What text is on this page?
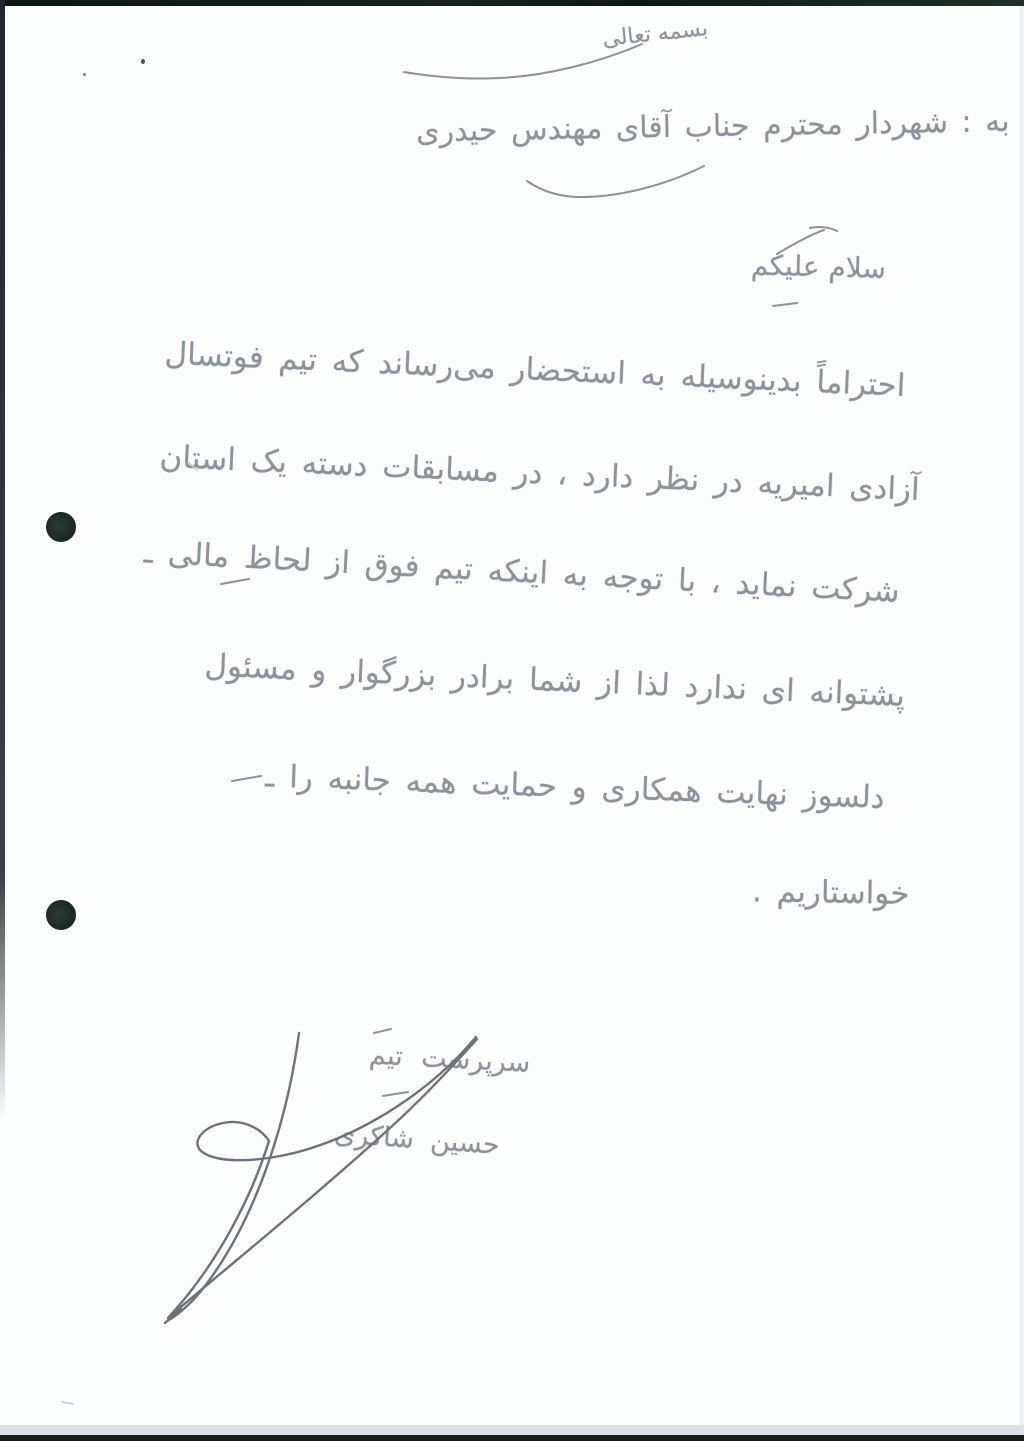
بسمه تعالی
به : شهردار محترم جناب آقای مهندس حیدری
سلام علیکم
احتراماً بدینوسیله به استحضار می‌رساند که تیم فوتسال
آزادی امیریه در نظر دارد ، در مسابقات دسته یک استان
شرکت نماید ، با توجه به اینکه تیم فوق از لحاظ مالی ـ
پشتوانه ای ندارد لذا از شما برادر بزرگوار و مسئول
دلسوز نهایت همکاری و حمایت همه جانبه را ـ
خواستاریم .
سرپرست تیم
حسین شاکری
